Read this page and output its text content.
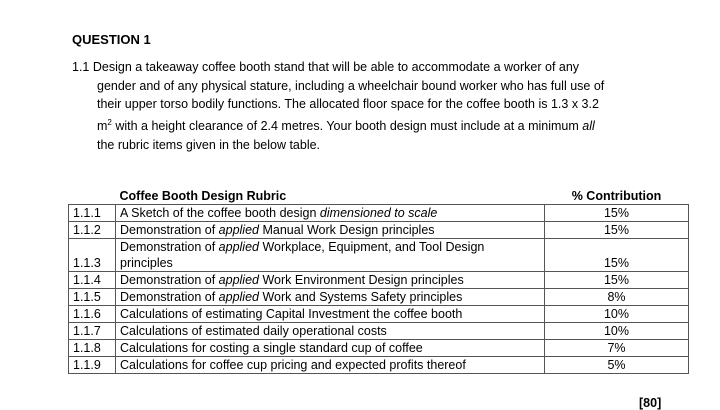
QUESTION 1
1.1 Design a takeaway coffee booth stand that will be able to accommodate a worker of any gender and of any physical stature, including a wheelchair bound worker who has full use of their upper torso bodily functions. The allocated floor space for the coffee booth is 1.3 x 3.2 $m^2$ with a height clearance of 2.4 metres. Your booth design must include at a minimum all the rubric items given in the below table.
	Coffee Booth Design Rubric	% Contribution
1.1.1	A Sketch of the coffee booth design dimensioned to scale	15%
1.1.2	Demonstration of applied Manual Work Design principles	15%
1.1.3	Demonstration of applied Workplace, Equipment, and Tool Design principles	15%
1.1.4	Demonstration of applied Work Environment Design principles	15%
1.1.5	Demonstration of applied Work and Systems Safety principles	8%
1.1.6	Calculations of estimating Capital Investment the coffee booth	10%
1.1.7	Calculations of estimated daily operational costs	10%
1.1.8	Calculations for costing a single standard cup of coffee	7%
1.1.9	Calculations for coffee cup pricing and expected profits thereof	5%
[80]
